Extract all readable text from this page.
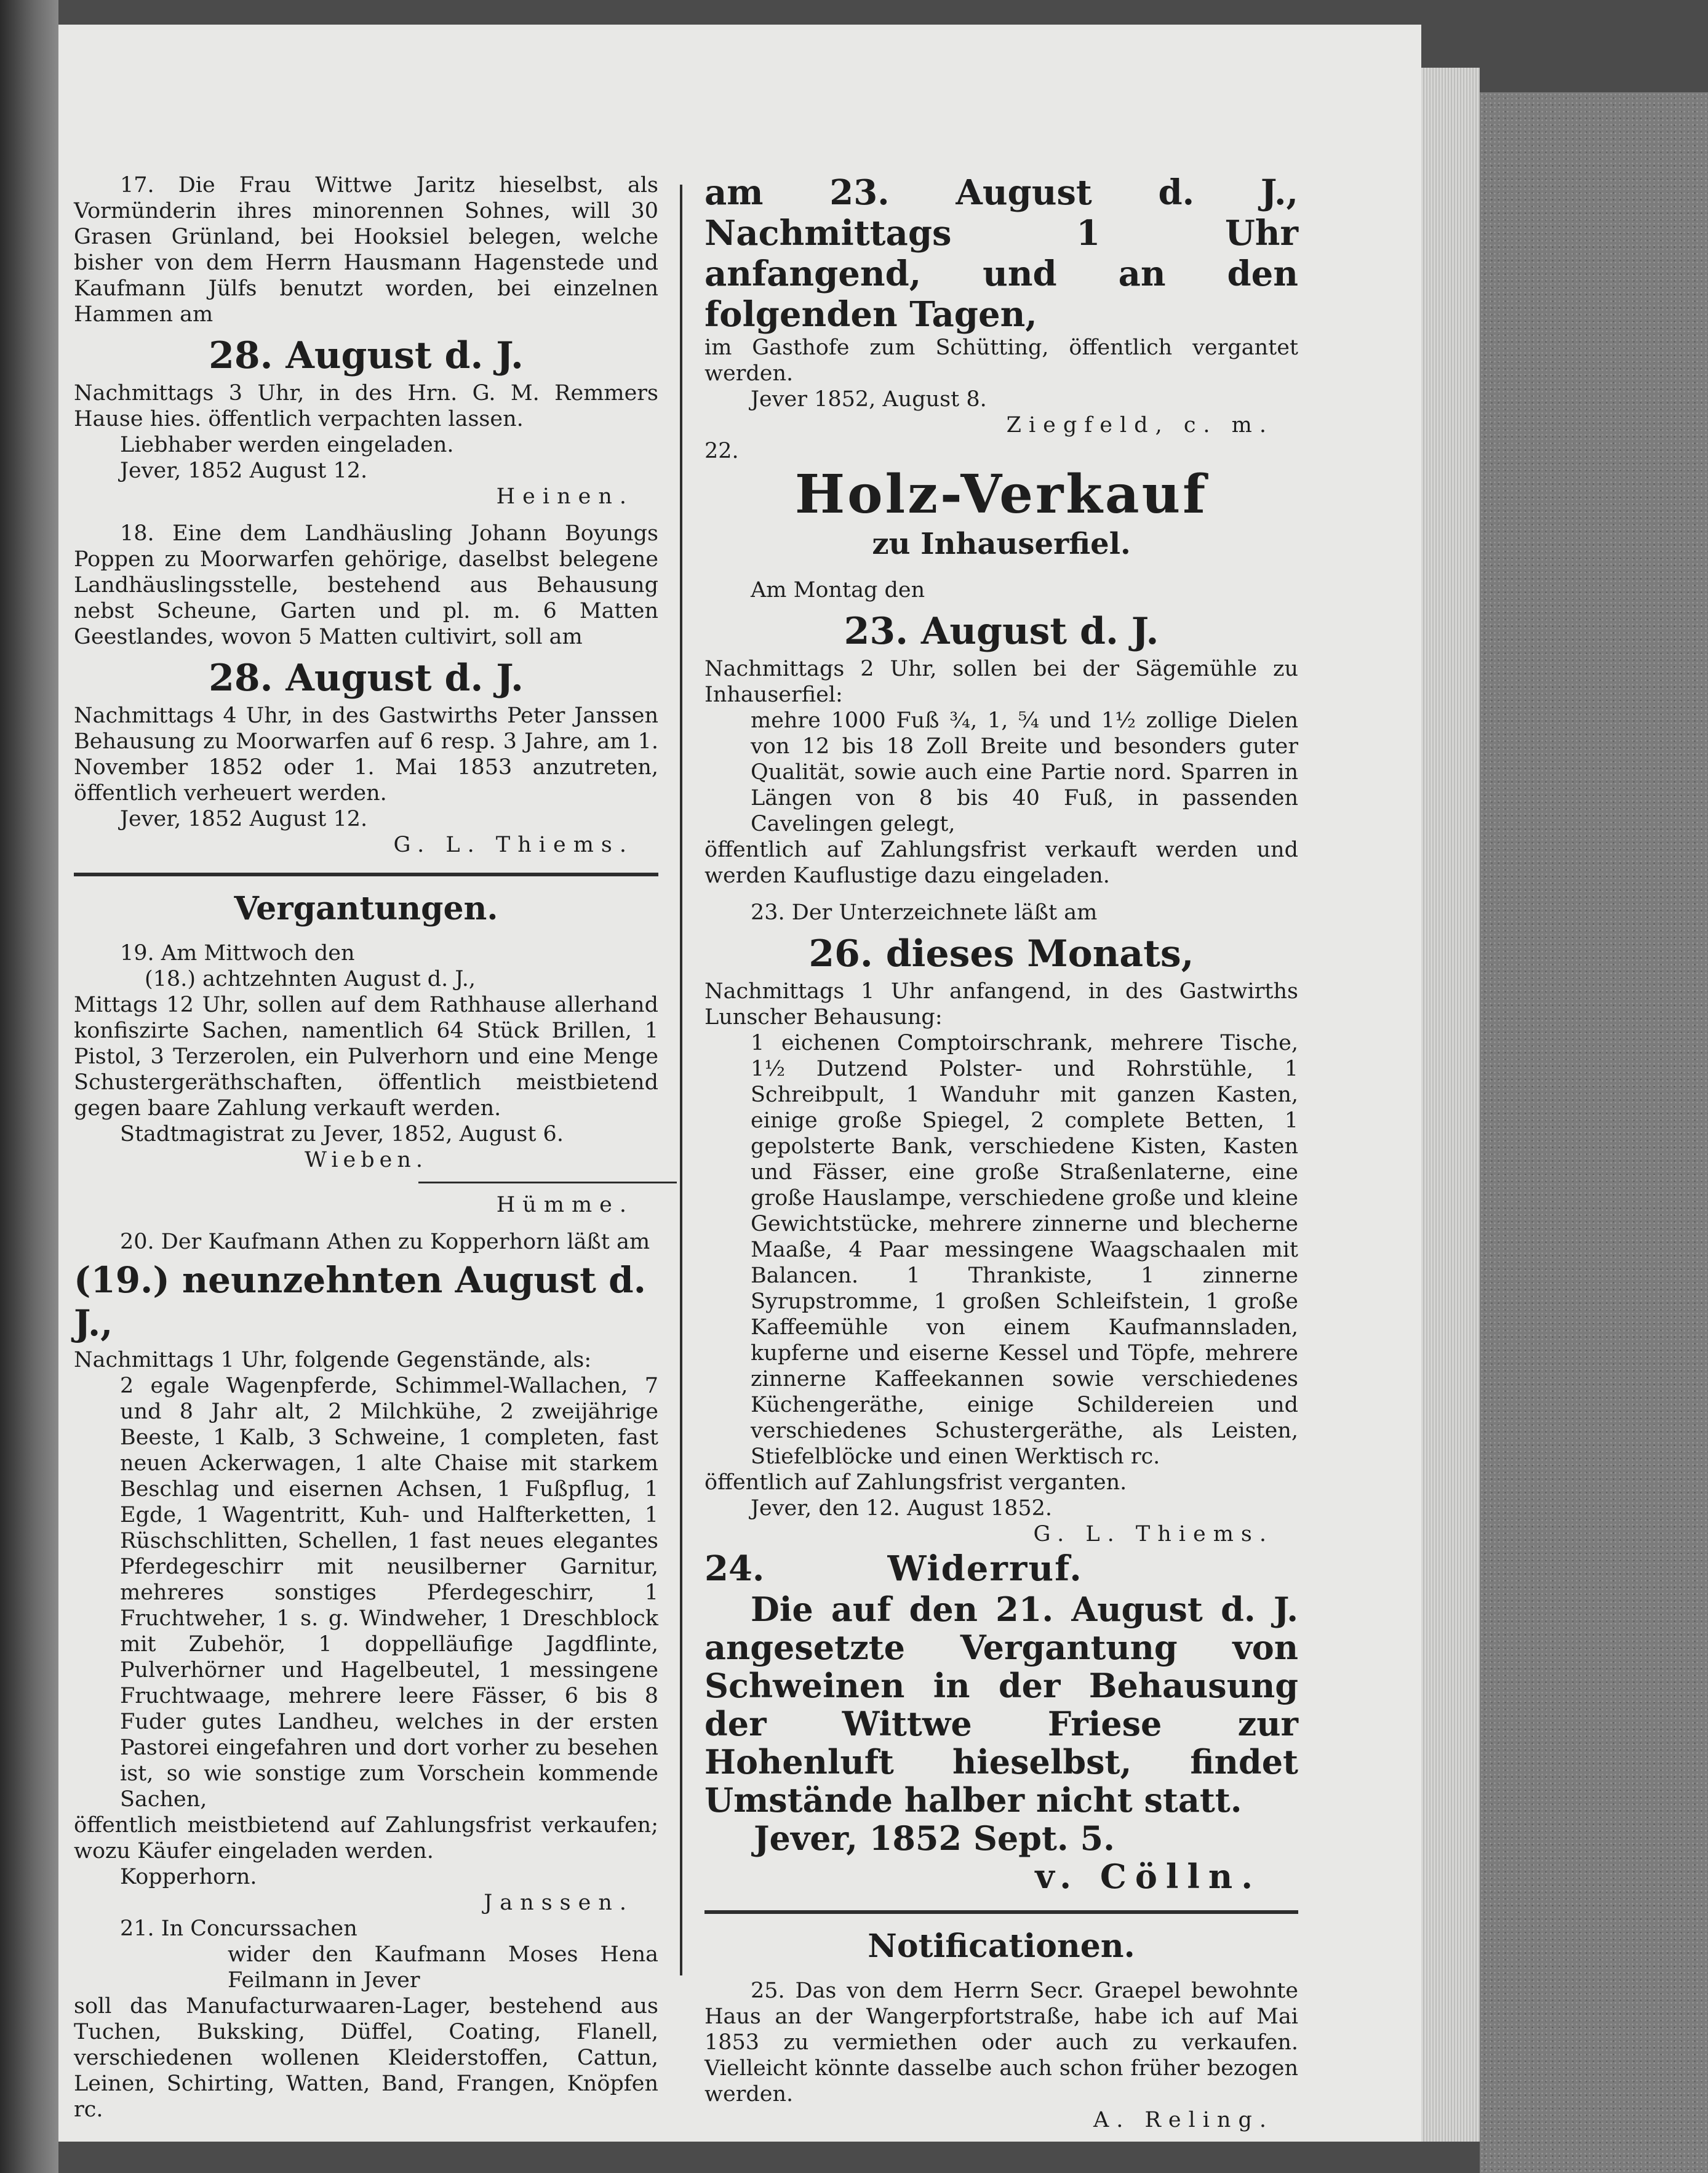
17. Die Frau Wittwe Jaritz hieselbst, als Vormünderin ihres minorennen Sohnes, will 30 Grasen Grünland, bei Hooksiel belegen, welche bisher von dem Herrn Hausmann Hagenstede und Kaufmann Jülfs benutzt worden, bei einzelnen Hammen am

28. August d. J.

Nachmittags 3 Uhr, in des Hrn. G. M. Remmers Hause hies. öffentlich verpachten lassen.

Liebhaber werden eingeladen.

Jever, 1852 August 12.

Heinen.

18. Eine dem Landhäusling Johann Boyungs Poppen zu Moorwarfen gehörige, daselbst belegene Landhäuslingsstelle, bestehend aus Behausung nebst Scheune, Garten und pl. m. 6 Matten Geestlandes, wovon 5 Matten cultivirt, soll am

28. August d. J.

Nachmittags 4 Uhr, in des Gastwirths Peter Janssen Behausung zu Moorwarfen auf 6 resp. 3 Jahre, am 1. November 1852 oder 1. Mai 1853 anzutreten, öffentlich verheuert werden.

Jever, 1852 August 12.

G. L. Thiems.

Vergantungen.

19. Am Mittwoch den

(18.) achtzehnten August d. J.,

Mittags 12 Uhr, sollen auf dem Rathhause allerhand konfiszirte Sachen, namentlich 64 Stück Brillen, 1 Pistol, 3 Terzerolen, ein Pulverhorn und eine Menge Schustergeräthschaften, öffentlich meistbietend gegen baare Zahlung verkauft werden.

Stadtmagistrat zu Jever, 1852, August 6.

Wieben.

Hümme.

20. Der Kaufmann Athen zu Kopperhorn läßt am

(19.) neunzehnten August d. J.,

Nachmittags 1 Uhr, folgende Gegenstände, als:

2 egale Wagenpferde, Schimmel-Wallachen, 7 und 8 Jahr alt, 2 Milchkühe, 2 zweijährige Beeste, 1 Kalb, 3 Schweine, 1 completen, fast neuen Ackerwagen, 1 alte Chaise mit starkem Beschlag und eisernen Achsen, 1 Fußpflug, 1 Egde, 1 Wagentritt, Kuh- und Halfterketten, 1 Rüschschlitten, Schellen, 1 fast neues elegantes Pferdegeschirr mit neusilberner Garnitur, mehreres sonstiges Pferdegeschirr, 1 Fruchtweher, 1 s. g. Windweher, 1 Dreschblock mit Zubehör, 1 doppelläufige Jagdflinte, Pulverhörner und Hagelbeutel, 1 messingene Fruchtwaage, mehrere leere Fässer, 6 bis 8 Fuder gutes Landheu, welches in der ersten Pastorei eingefahren und dort vorher zu besehen ist, so wie sonstige zum Vorschein kommende Sachen,

öffentlich meistbietend auf Zahlungsfrist verkaufen; wozu Käufer eingeladen werden.

Kopperhorn.

Janssen.

21. In Concurssachen

wider den Kaufmann Moses Hena Feilmann in Jever

soll das Manufacturwaaren-Lager, bestehend aus Tuchen, Buksking, Düffel, Coating, Flanell, verschiedenen wollenen Kleiderstoffen, Cattun, Leinen, Schirting, Watten, Band, Frangen, Knöpfen rc.

am 23. August d. J., Nachmittags 1 Uhr anfangend, und an den folgenden Tagen,

im Gasthofe zum Schütting, öffentlich vergantet werden.

Jever 1852, August 8.

Ziegfeld, c. m.

22.

Holz-Verkauf

zu Inhauserfiel.

Am Montag den

23. August d. J.

Nachmittags 2 Uhr, sollen bei der Sägemühle zu Inhauserfiel:

mehre 1000 Fuß ¾, 1, ⁵⁄₄ und 1½ zollige Dielen von 12 bis 18 Zoll Breite und besonders guter Qualität, sowie auch eine Partie nord. Sparren in Längen von 8 bis 40 Fuß, in passenden Cavelingen gelegt,

öffentlich auf Zahlungsfrist verkauft werden und werden Kauflustige dazu eingeladen.

23. Der Unterzeichnete läßt am

26. dieses Monats,

Nachmittags 1 Uhr anfangend, in des Gastwirths Lunscher Behausung:

1 eichenen Comptoirschrank, mehrere Tische, 1½ Dutzend Polster- und Rohrstühle, 1 Schreibpult, 1 Wanduhr mit ganzen Kasten, einige große Spiegel, 2 complete Betten, 1 gepolsterte Bank, verschiedene Kisten, Kasten und Fässer, eine große Straßenlaterne, eine große Hauslampe, verschiedene große und kleine Gewichtstücke, mehrere zinnerne und blecherne Maaße, 4 Paar messingene Waagschaalen mit Balancen. 1 Thrankiste, 1 zinnerne Syrupstromme, 1 großen Schleifstein, 1 große Kaffeemühle von einem Kaufmannsladen, kupferne und eiserne Kessel und Töpfe, mehrere zinnerne Kaffeekannen sowie verschiedenes Küchengeräthe, einige Schildereien und verschiedenes Schustergeräthe, als Leisten, Stiefelblöcke und einen Werktisch rc.

öffentlich auf Zahlungsfrist verganten.

Jever, den 12. August 1852.

G. L. Thiems.

24.	Widerruf.

Die auf den 21. August d. J. angesetzte Vergantung von Schweinen in der Behausung der Wittwe Friese zur Hohenluft hieselbst, findet Umstände halber nicht statt.

Jever, 1852 Sept. 5.

v. Cölln.

Notificationen.

25. Das von dem Herrn Secr. Graepel bewohnte Haus an der Wangerpfortstraße, habe ich auf Mai 1853 zu vermiethen oder auch zu verkaufen. Vielleicht könnte dasselbe auch schon früher bezogen werden.

A. Reling.
